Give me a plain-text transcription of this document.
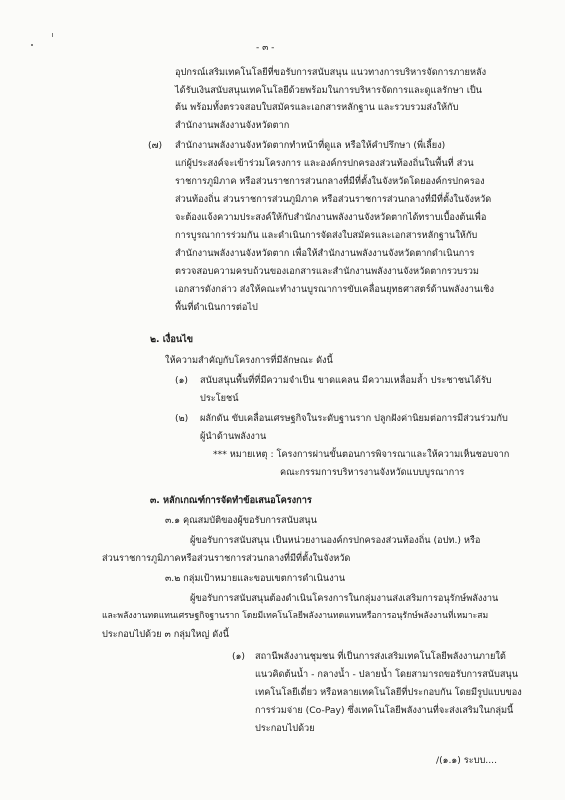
- ๓ -
อุปกรณ์เสริมเทคโนโลยีที่ขอรับการสนับสนุน แนวทางการบริหารจัดการภายหลัง
ได้รับเงินสนับสนุนเทคโนโลยีด้วยพร้อมในการบริหารจัดการและดูแลรักษา เป็น
ต้น พร้อมทั้งตรวจสอบใบสมัครและเอกสารหลักฐาน และรวบรวมส่งให้กับ
สำนักงานพลังงานจังหวัดตาก
(๗) สำนักงานพลังงานจังหวัดตากทำหน้าที่ดูแล หรือให้คำปรึกษา (พี่เลี้ยง)
แก่ผู้ประสงค์จะเข้าร่วมโครงการ และองค์กรปกครองส่วนท้องถิ่นในพื้นที่ ส่วน
ราชการภูมิภาค หรือส่วนราชการส่วนกลางที่มีที่ตั้งในจังหวัดโดยองค์กรปกครอง
ส่วนท้องถิ่น ส่วนราชการส่วนภูมิภาค หรือส่วนราชการส่วนกลางที่มีที่ตั้งในจังหวัด
จะต้องแจ้งความประสงค์ให้กับสำนักงานพลังงานจังหวัดตากได้ทราบเบื้องต้นเพื่อ
การบูรณาการร่วมกัน และดำเนินการจัดส่งใบสมัครและเอกสารหลักฐานให้กับ
สำนักงานพลังงานจังหวัดตาก เพื่อให้สำนักงานพลังงานจังหวัดตากดำเนินการ
ตรวจสอบความครบถ้วนของเอกสารและสำนักงานพลังงานจังหวัดตากรวบรวม
เอกสารดังกล่าว ส่งให้คณะทำงานบูรณาการขับเคลื่อนยุทธศาสตร์ด้านพลังงานเชิง
พื้นที่ดำเนินการต่อไป
๒. เงื่อนไข
ให้ความสำคัญกับโครงการที่มีลักษณะ ดังนี้
(๑) สนับสนุนพื้นที่ที่มีความจำเป็น ขาดแคลน มีความเหลื่อมล้ำ ประชาชนได้รับ
ประโยชน์
(๒) ผลักดัน ขับเคลื่อนเศรษฐกิจในระดับฐานราก ปลูกฝังค่านิยมต่อการมีส่วนร่วมกับ
ผู้นำด้านพลังงาน
*** หมายเหตุ : โครงการผ่านขั้นตอนการพิจารณาและให้ความเห็นชอบจาก
คณะกรรมการบริหารงานจังหวัดแบบบูรณาการ
๓. หลักเกณฑ์การจัดทำข้อเสนอโครงการ
๓.๑ คุณสมบัติของผู้ขอรับการสนับสนุน
ผู้ขอรับการสนับสนุน เป็นหน่วยงานองค์กรปกครองส่วนท้องถิ่น (อปท.) หรือ
ส่วนราชการภูมิภาคหรือส่วนราชการส่วนกลางที่มีที่ตั้งในจังหวัด
๓.๒ กลุ่มเป้าหมายและขอบเขตการดำเนินงาน
ผู้ขอรับการสนับสนุนต้องดำเนินโครงการในกลุ่มงานส่งเสริมการอนุรักษ์พลังงาน
และพลังงานทดแทนเศรษฐกิจฐานราก โดยมีเทคโนโลยีพลังงานทดแทนหรือการอนุรักษ์พลังงานที่เหมาะสม
ประกอบไปด้วย ๓ กลุ่มใหญ่ ดังนี้
(๑) สถานีพลังงานชุมชน ที่เป็นการส่งเสริมเทคโนโลยีพลังงานภายใต้
แนวคิดต้นน้ำ - กลางน้ำ - ปลายน้ำ โดยสามารถขอรับการสนับสนุน
เทคโนโลยีเดี่ยว หรือหลายเทคโนโลยีที่ประกอบกัน โดยมีรูปแบบของ
การร่วมจ่าย (Co-Pay) ซึ่งเทคโนโลยีพลังงานที่จะส่งเสริมในกลุ่มนี้
ประกอบไปด้วย
/(๑.๑) ระบบ....
